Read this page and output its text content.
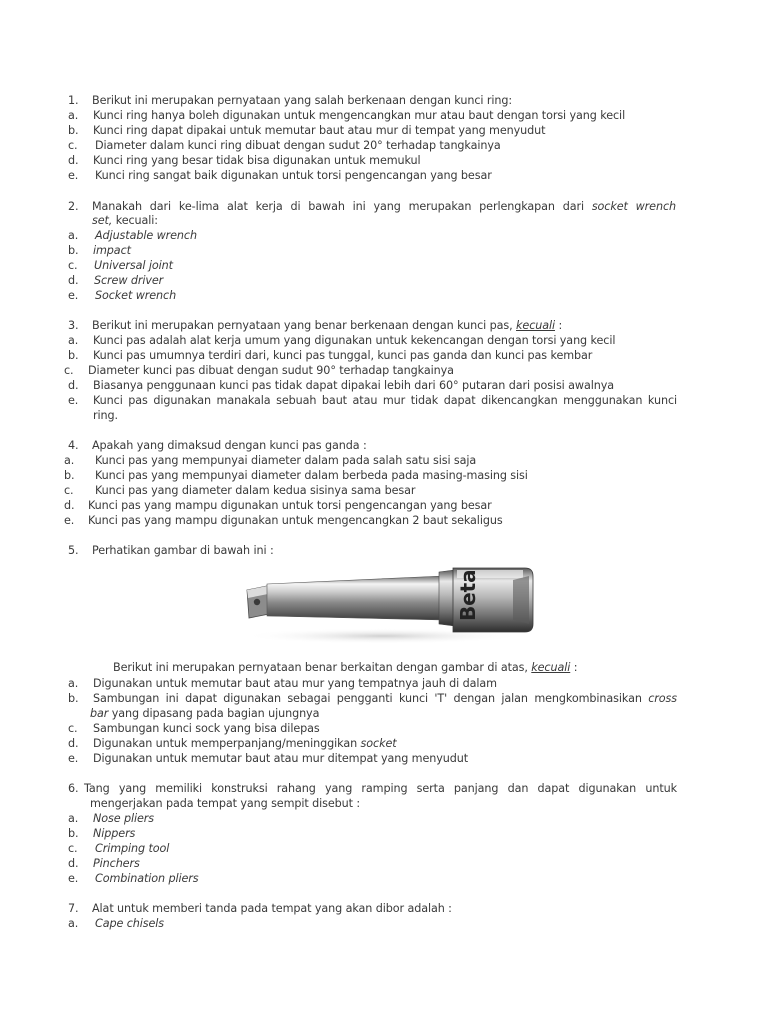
1. Berikut ini merupakan pernyataan yang salah berkenaan dengan kunci ring:
a. Kunci ring hanya boleh digunakan untuk mengencangkan mur atau baut dengan torsi yang kecil
b. Kunci ring dapat dipakai untuk memutar baut atau mur di tempat yang menyudut
c. Diameter dalam kunci ring dibuat dengan sudut 20° terhadap tangkainya
d. Kunci ring yang besar tidak bisa digunakan untuk memukul
e. Kunci ring sangat baik digunakan untuk torsi pengencangan yang besar
2. Manakah dari ke-lima alat kerja di bawah ini yang merupakan perlengkapan dari socket wrench
set, kecuali:
a. Adjustable wrench
b. impact
c. Universal joint
d. Screw driver
e. Socket wrench
3. Berikut ini merupakan pernyataan yang benar berkenaan dengan kunci pas, kecuali :
a. Kunci pas adalah alat kerja umum yang digunakan untuk kekencangan dengan torsi yang kecil
b. Kunci pas umumnya terdiri dari, kunci pas tunggal, kunci pas ganda dan kunci pas kembar
c. Diameter kunci pas dibuat dengan sudut 90° terhadap tangkainya
d. Biasanya penggunaan kunci pas tidak dapat dipakai lebih dari 60° putaran dari posisi awalnya
e. Kunci pas digunakan manakala sebuah baut atau mur tidak dapat dikencangkan menggunakan kunci
ring.
4. Apakah yang dimaksud dengan kunci pas ganda :
a. Kunci pas yang mempunyai diameter dalam pada salah satu sisi saja
b. Kunci pas yang mempunyai diameter dalam berbeda pada masing-masing sisi
c. Kunci pas yang diameter dalam kedua sisinya sama besar
d. Kunci pas yang mampu digunakan untuk torsi pengencangan yang besar
e. Kunci pas yang mampu digunakan untuk mengencangkan 2 baut sekaligus
5. Perhatikan gambar di bawah ini :
Beta
Berikut ini merupakan pernyataan benar berkaitan dengan gambar di atas, kecuali :
a. Digunakan untuk memutar baut atau mur yang tempatnya jauh di dalam
b. Sambungan ini dapat digunakan sebagai pengganti kunci 'T' dengan jalan mengkombinasikan cross
bar yang dipasang pada bagian ujungnya
c. Sambungan kunci sock yang bisa dilepas
d. Digunakan untuk memperpanjang/meninggikan socket
e. Digunakan untuk memutar baut atau mur ditempat yang menyudut
6. Tang yang memiliki konstruksi rahang yang ramping serta panjang dan dapat digunakan untuk
mengerjakan pada tempat yang sempit disebut :
a. Nose pliers
b. Nippers
c. Crimping tool
d. Pinchers
e. Combination pliers
7. Alat untuk memberi tanda pada tempat yang akan dibor adalah :
a. Cape chisels
